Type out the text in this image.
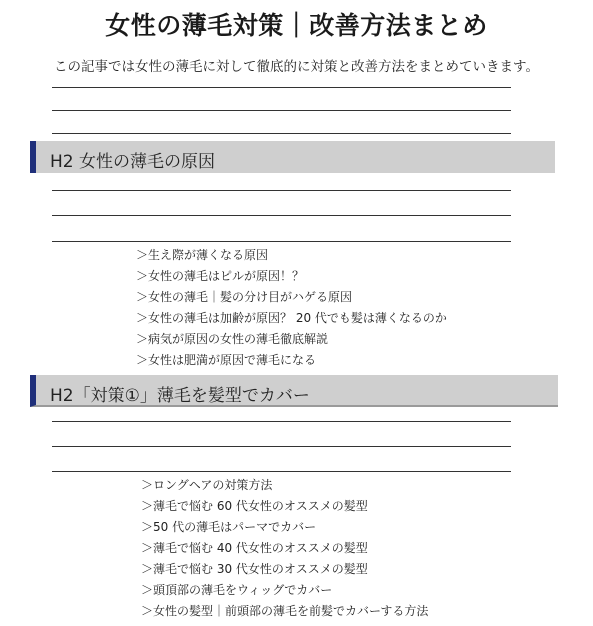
女性の薄毛対策｜改善方法まとめ
この記事では女性の薄毛に対して徹底的に対策と改善方法をまとめていきます。
H2 女性の薄毛の原因
＞生え際が薄くなる原因
＞女性の薄毛はピルが原因！？
＞女性の薄毛｜髪の分け目がハゲる原因
＞女性の薄毛は加齢が原因？ 20 代でも髪は薄くなるのか
＞病気が原因の女性の薄毛徹底解説
＞女性は肥満が原因で薄毛になる
H2「対策①」薄毛を髪型でカバー
＞ロングヘアの対策方法
＞薄毛で悩む 60 代女性のオススメの髪型
＞50 代の薄毛はパーマでカバー
＞薄毛で悩む 40 代女性のオススメの髪型
＞薄毛で悩む 30 代女性のオススメの髪型
＞頭頂部の薄毛をウィッグでカバー
＞女性の髪型｜前頭部の薄毛を前髪でカバーする方法
